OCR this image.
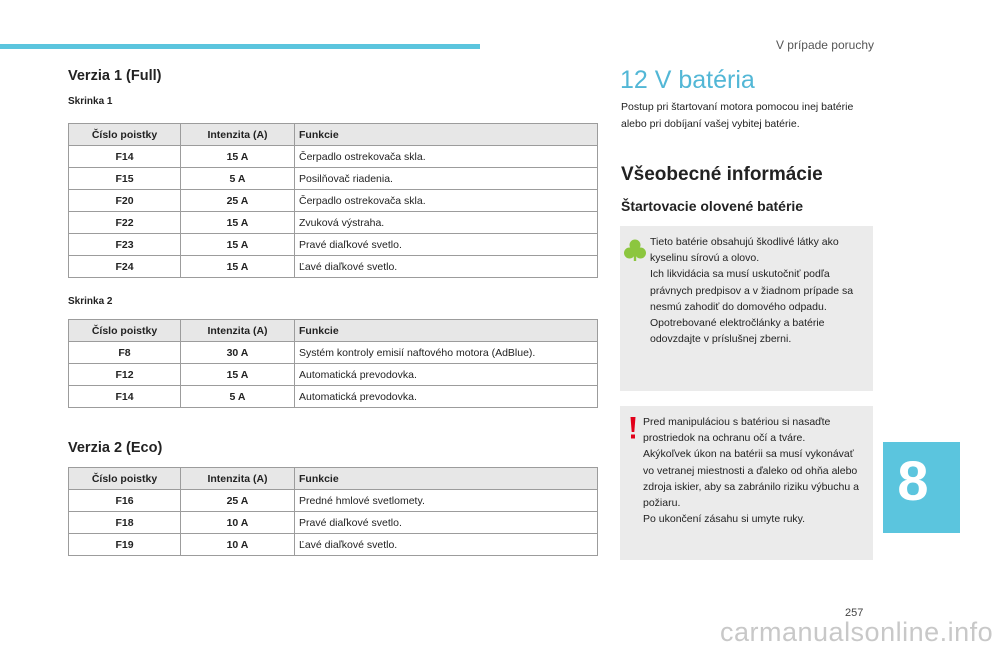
V prípade poruchy
Verzia 1 (Full)
Skrinka 1
Číslo poistky	Intenzita (A)	Funkcie
F14	15 A	Čerpadlo ostrekovača skla.
F15	5 A	Posilňovač riadenia.
F20	25 A	Čerpadlo ostrekovača skla.
F22	15 A	Zvuková výstraha.
F23	15 A	Pravé diaľkové svetlo.
F24	15 A	Ľavé diaľkové svetlo.
Skrinka 2
Číslo poistky	Intenzita (A)	Funkcie
F8	30 A	Systém kontroly emisií naftového motora (AdBlue).
F12	15 A	Automatická prevodovka.
F14	5 A	Automatická prevodovka.
Verzia 2 (Eco)
Číslo poistky	Intenzita (A)	Funkcie
F16	25 A	Predné hmlové svetlomety.
F18	10 A	Pravé diaľkové svetlo.
F19	10 A	Ľavé diaľkové svetlo.
12 V batéria

Postup pri štartovaní motora pomocou inej batérie alebo pri dobíjaní vašej vybitej batérie.

Všeobecné informácie
Štartovacie olovené batérie

Tieto batérie obsahujú škodlivé látky ako kyselinu sírovú a olovo.
Ich likvidácia sa musí uskutočniť podľa právnych predpisov a v žiadnom prípade sa nesmú zahodiť do domového odpadu.
Opotrebované elektročlánky a batérie odovzdajte v príslušnej zberni.

Pred manipuláciou s batériou si nasaďte prostriedok na ochranu očí a tváre.
Akýkoľvek úkon na batérii sa musí vykonávať vo vetranej miestnosti a ďaleko od ohňa alebo zdroja iskier, aby sa zabránilo riziku výbuchu a požiaru.
Po ukončení zásahu si umyte ruky.

8
257
carmanualsonline.info
